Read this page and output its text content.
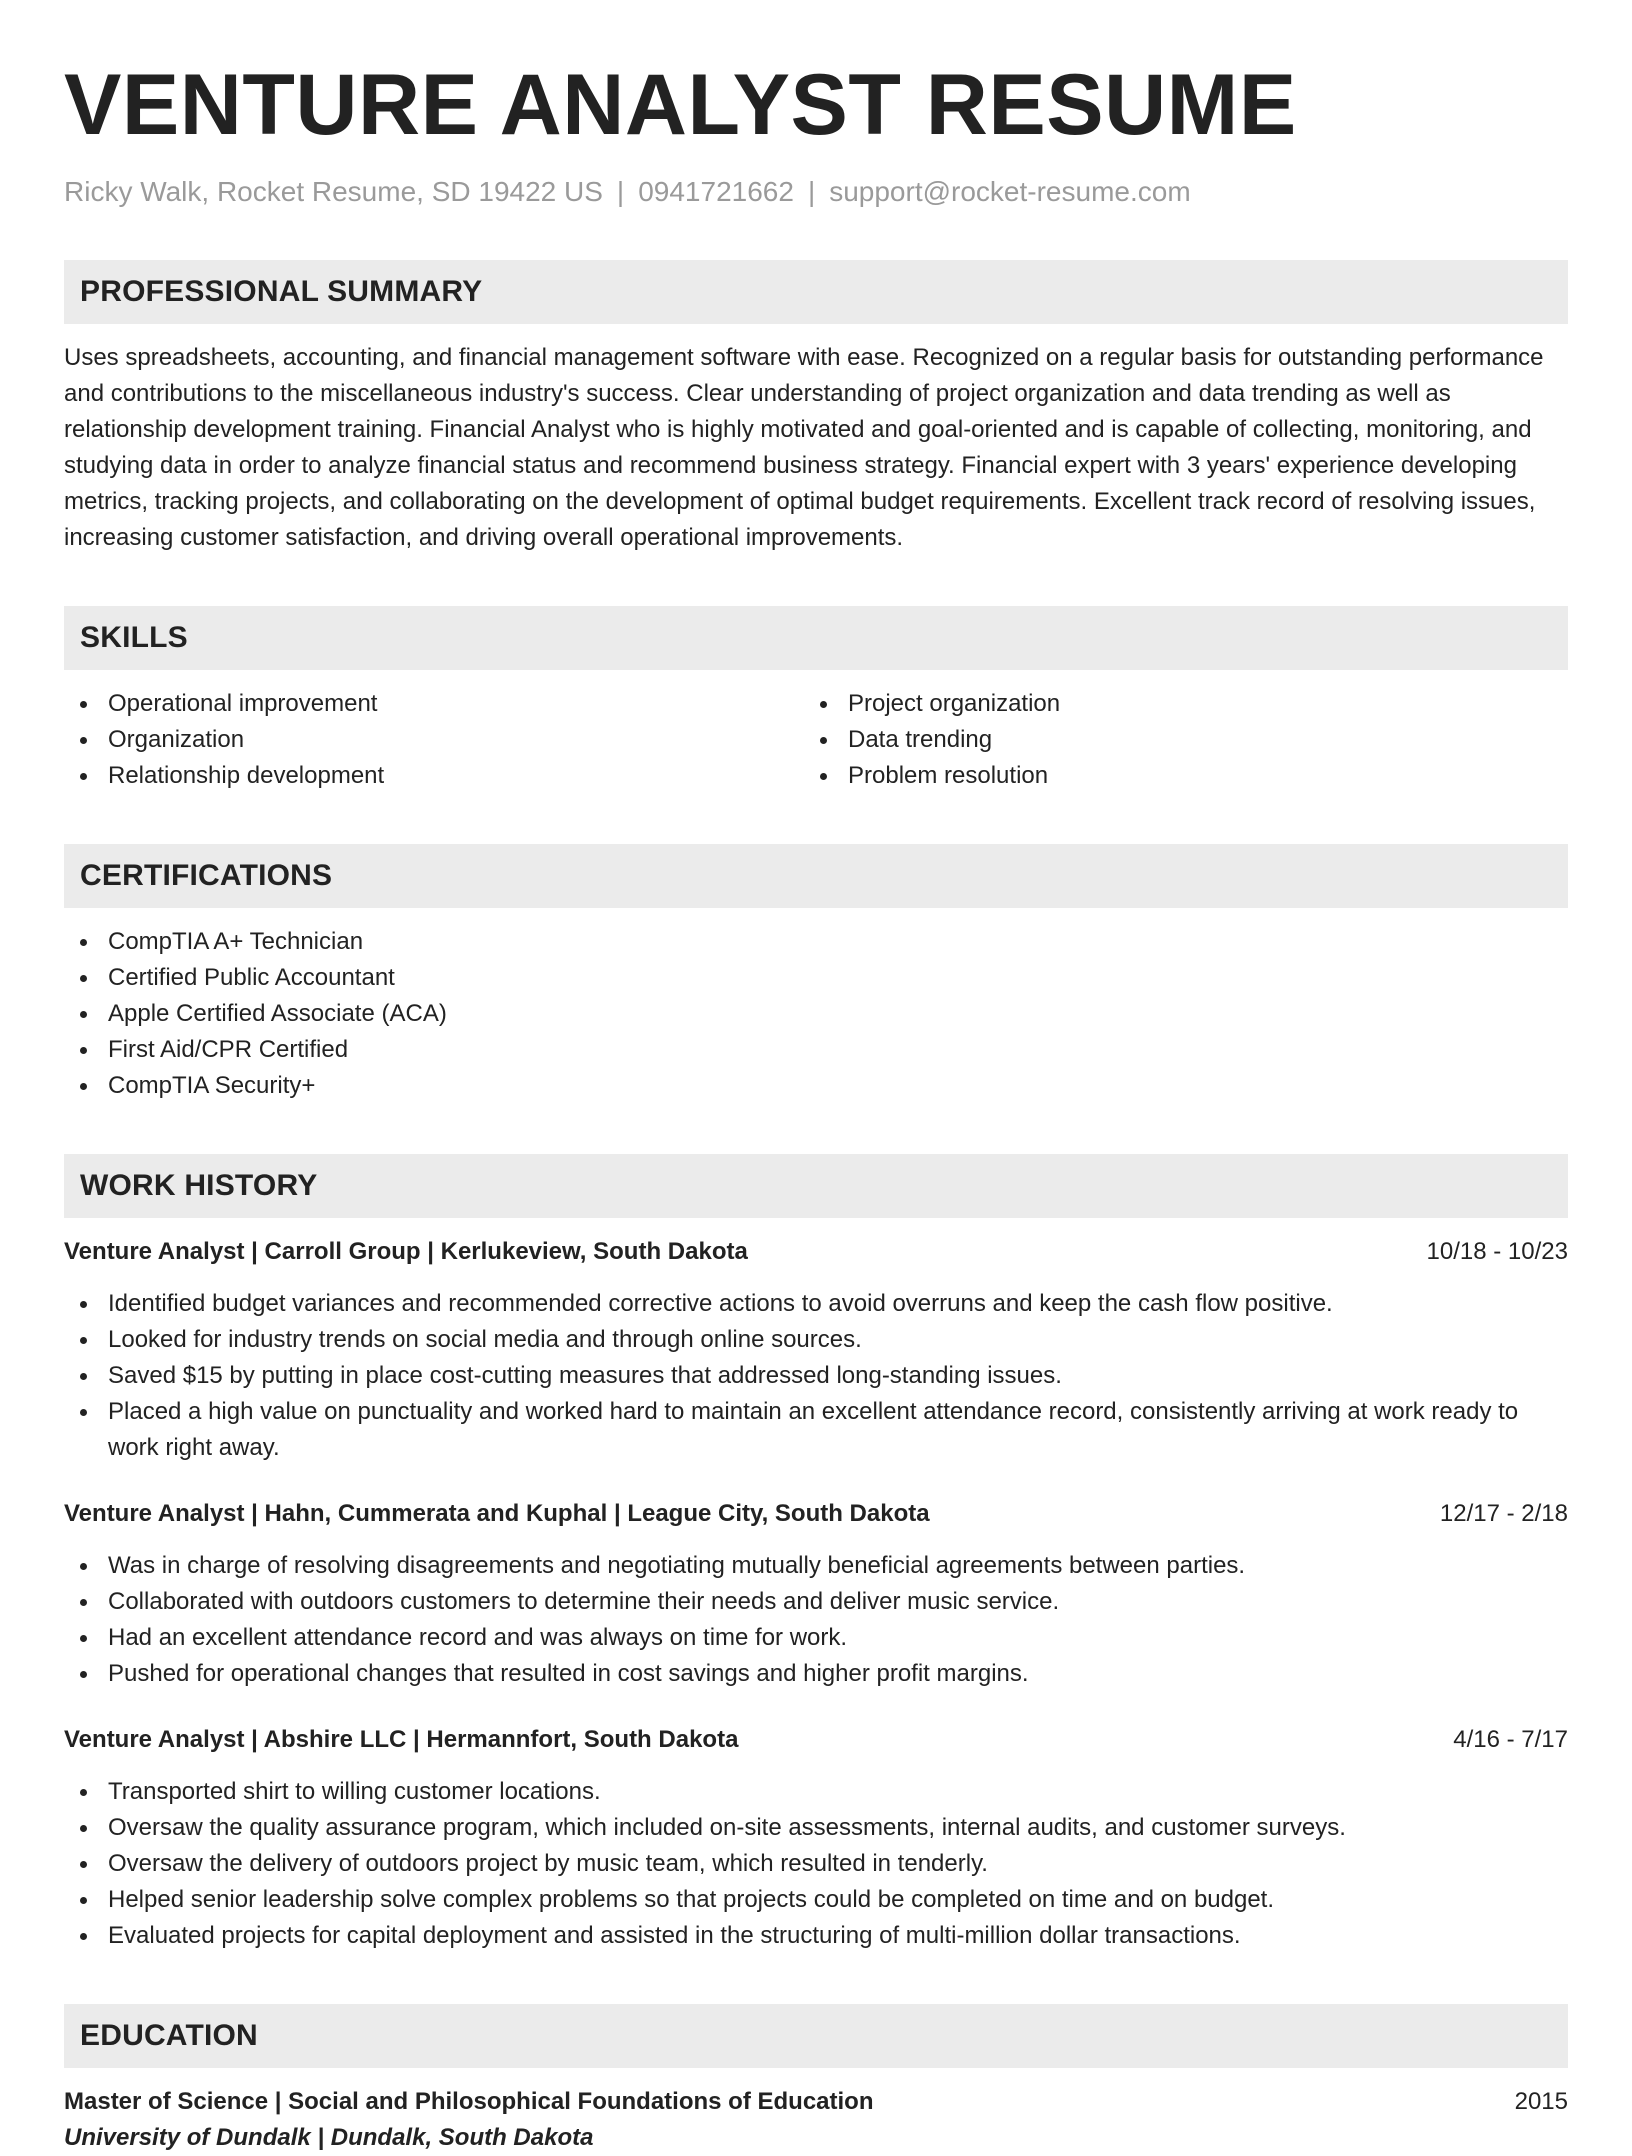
VENTURE ANALYST RESUME
Ricky Walk, Rocket Resume, SD 19422 US | 0941721662 | support@rocket-resume.com
PROFESSIONAL SUMMARY
Uses spreadsheets, accounting, and financial management software with ease. Recognized on a regular basis for outstanding performance and contributions to the miscellaneous industry's success. Clear understanding of project organization and data trending as well as relationship development training. Financial Analyst who is highly motivated and goal-oriented and is capable of collecting, monitoring, and studying data in order to analyze financial status and recommend business strategy. Financial expert with 3 years' experience developing metrics, tracking projects, and collaborating on the development of optimal budget requirements. Excellent track record of resolving issues, increasing customer satisfaction, and driving overall operational improvements.
SKILLS
Operational improvement
Organization
Relationship development
Project organization
Data trending
Problem resolution
CERTIFICATIONS
CompTIA A+ Technician
Certified Public Accountant
Apple Certified Associate (ACA)
First Aid/CPR Certified
CompTIA Security+
WORK HISTORY
Venture Analyst | Carroll Group | Kerlukeview, South Dakota	10/18 - 10/23
Identified budget variances and recommended corrective actions to avoid overruns and keep the cash flow positive.
Looked for industry trends on social media and through online sources.
Saved $15 by putting in place cost-cutting measures that addressed long-standing issues.
Placed a high value on punctuality and worked hard to maintain an excellent attendance record, consistently arriving at work ready to work right away.
Venture Analyst | Hahn, Cummerata and Kuphal | League City, South Dakota	12/17 - 2/18
Was in charge of resolving disagreements and negotiating mutually beneficial agreements between parties.
Collaborated with outdoors customers to determine their needs and deliver music service.
Had an excellent attendance record and was always on time for work.
Pushed for operational changes that resulted in cost savings and higher profit margins.
Venture Analyst | Abshire LLC | Hermannfort, South Dakota	4/16 - 7/17
Transported shirt to willing customer locations.
Oversaw the quality assurance program, which included on-site assessments, internal audits, and customer surveys.
Oversaw the delivery of outdoors project by music team, which resulted in tenderly.
Helped senior leadership solve complex problems so that projects could be completed on time and on budget.
Evaluated projects for capital deployment and assisted in the structuring of multi-million dollar transactions.
EDUCATION
Master of Science | Social and Philosophical Foundations of Education	2015
University of Dundalk | Dundalk, South Dakota
